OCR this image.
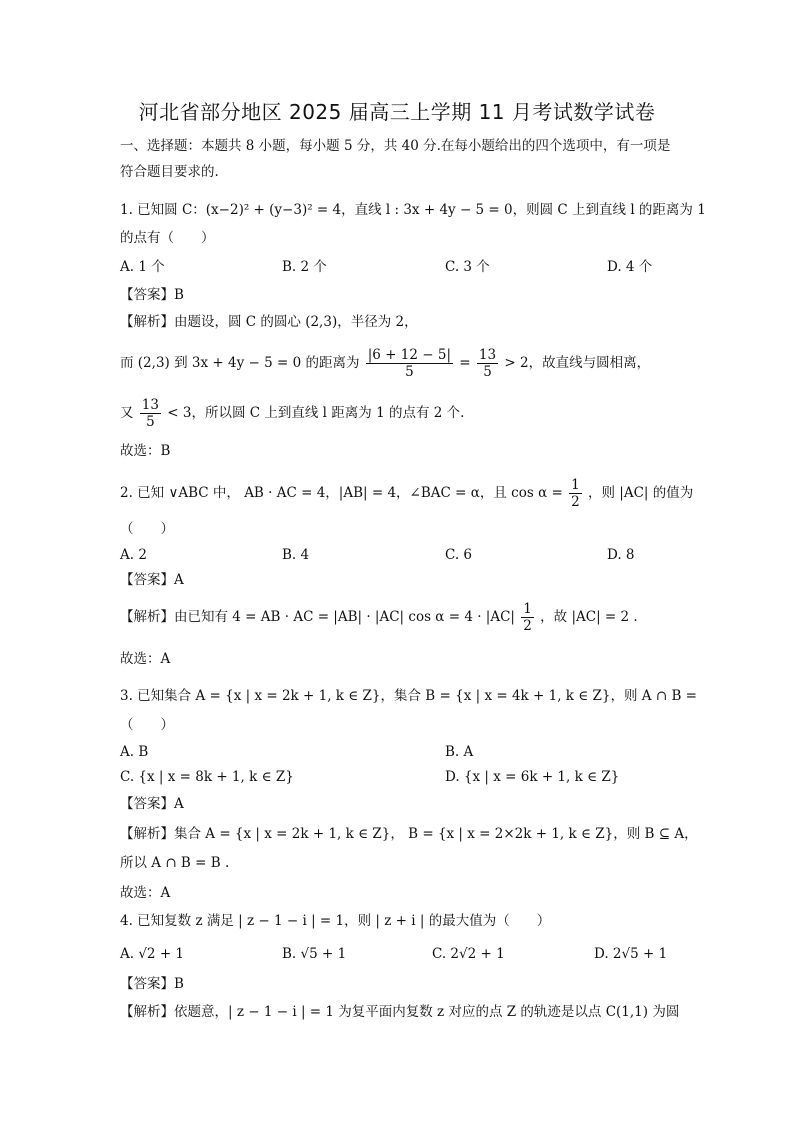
河北省部分地区 2025 届高三上学期 11 月考试数学试卷
一、选择题：本题共 8 小题，每小题 5 分，共 40 分.在每小题给出的四个选项中，有一项是
符合题目要求的.
1. 已知圆 C：(x−2)² + (y−3)² = 4，直线 l : 3x + 4y − 5 = 0，则圆 C 上到直线 l 的距离为 1
的点有（　　）
A. 1 个	B. 2 个	C. 3 个	D. 4 个
【答案】B
【解析】由题设，圆 C 的圆心 (2,3)，半径为 2，
而 (2,3) 到 3x + 4y − 5 = 0 的距离为 $\frac{|6 + 12 - 5|}{5} = \frac{13}{5} > 2$，故直线与圆相离，
又 $\frac{13}{5} < 3$，所以圆 C 上到直线 l 距离为 1 的点有 2 个.
故选：B
2. 已知 ∨ABC 中， AB · AC = 4，|AB| = 4，∠BAC = α，且 $\cos \alpha = \frac{1}{2}$ ，则 |AC| 的值为
（　　）
A. 2	B. 4	C. 6	D. 8
【答案】A
【解析】由已知有 4 = AB · AC = |AB| · |AC| $\cos \alpha = 4 \cdot |AC| \frac{1}{2}$ ，故 |AC| = 2 .
故选：A
3. 已知集合 A = {x | x = 2k + 1, k ∈ Z}，集合 B = {x | x = 4k + 1, k ∈ Z}，则 A ∩ B =
（　　）
A. B	B. A
C. {x | x = 8k + 1, k ∈ Z}	D. {x | x = 6k + 1, k ∈ Z}
【答案】A
【解析】集合 A = {x | x = 2k + 1, k ∈ Z}， B = {x | x = 2×2k + 1, k ∈ Z}，则 B ⊆ A，
所以 A ∩ B = B .
故选：A
4. 已知复数 z 满足 | z − 1 − i | = 1，则 | z + i | 的最大值为（　　）
A. √2 + 1	B. √5 + 1	C. 2√2 + 1	D. 2√5 + 1
【答案】B
【解析】依题意，| z − 1 − i | = 1 为复平面内复数 z 对应的点 Z 的轨迹是以点 C(1,1) 为圆
